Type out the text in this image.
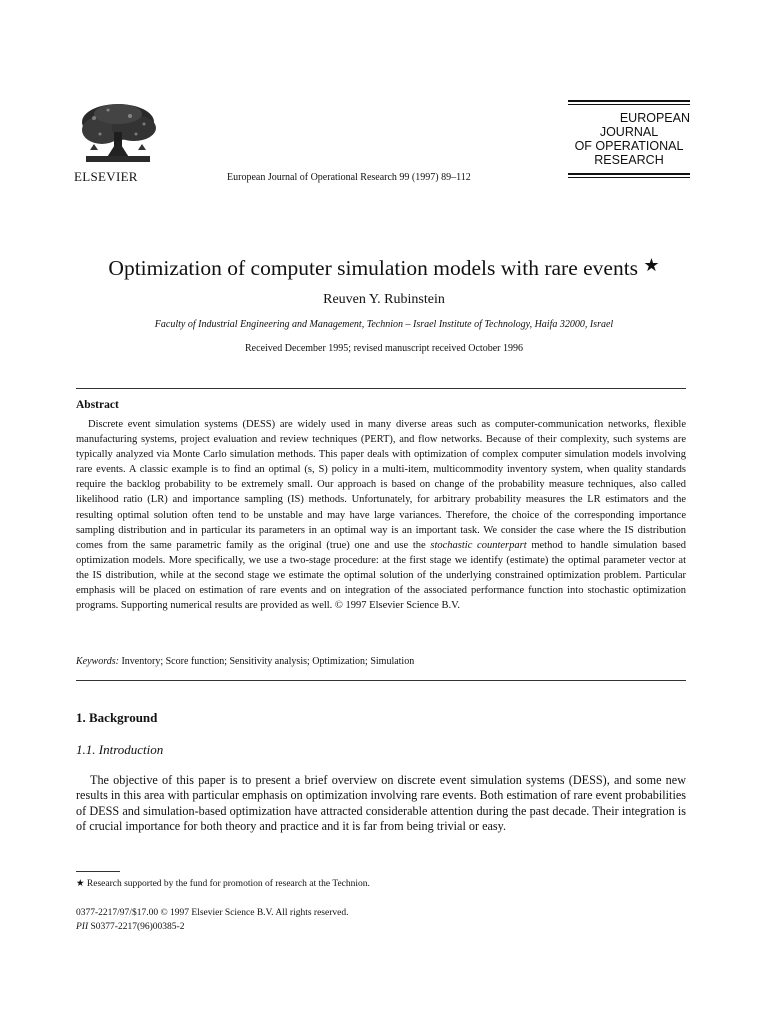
ELSEVIER	European Journal of Operational Research 99 (1997) 89–112
EUROPEAN
JOURNAL
OF OPERATIONAL
RESEARCH
Optimization of computer simulation models with rare events ★
Reuven Y. Rubinstein
Faculty of Industrial Engineering and Management, Technion – Israel Institute of Technology, Haifa 32000, Israel
Received December 1995; revised manuscript received October 1996
Abstract
Discrete event simulation systems (DESS) are widely used in many diverse areas such as computer-communication networks, flexible manufacturing systems, project evaluation and review techniques (PERT), and flow networks. Because of their complexity, such systems are typically analyzed via Monte Carlo simulation methods. This paper deals with optimization of complex computer simulation models involving rare events. A classic example is to find an optimal (s, S) policy in a multi-item, multicommodity inventory system, when quality standards require the backlog probability to be extremely small. Our approach is based on change of the probability measure techniques, also called likelihood ratio (LR) and importance sampling (IS) methods. Unfortunately, for arbitrary probability measures the LR estimators and the resulting optimal solution often tend to be unstable and may have large variances. Therefore, the choice of the corresponding importance sampling distribution and in particular its parameters in an optimal way is an important task. We consider the case where the IS distribution comes from the same parametric family as the original (true) one and use the stochastic counterpart method to handle simulation based optimization models. More specifically, we use a two-stage procedure: at the first stage we identify (estimate) the optimal parameter vector at the IS distribution, while at the second stage we estimate the optimal solution of the underlying constrained optimization problem. Particular emphasis will be placed on estimation of rare events and on integration of the associated performance function into stochastic optimization programs. Supporting numerical results are provided as well. © 1997 Elsevier Science B.V.
Keywords: Inventory; Score function; Sensitivity analysis; Optimization; Simulation
1. Background
1.1. Introduction
The objective of this paper is to present a brief overview on discrete event simulation systems (DESS), and some new results in this area with particular emphasis on optimization involving rare events. Both estimation of rare event probabilities of DESS and simulation-based optimization have attracted considerable attention during the past decade. Their integration is of crucial importance for both theory and practice and it is far from being trivial or easy.
★ Research supported by the fund for promotion of research at the Technion.
0377-2217/97/$17.00 © 1997 Elsevier Science B.V. All rights reserved.
PII S0377-2217(96)00385-2
